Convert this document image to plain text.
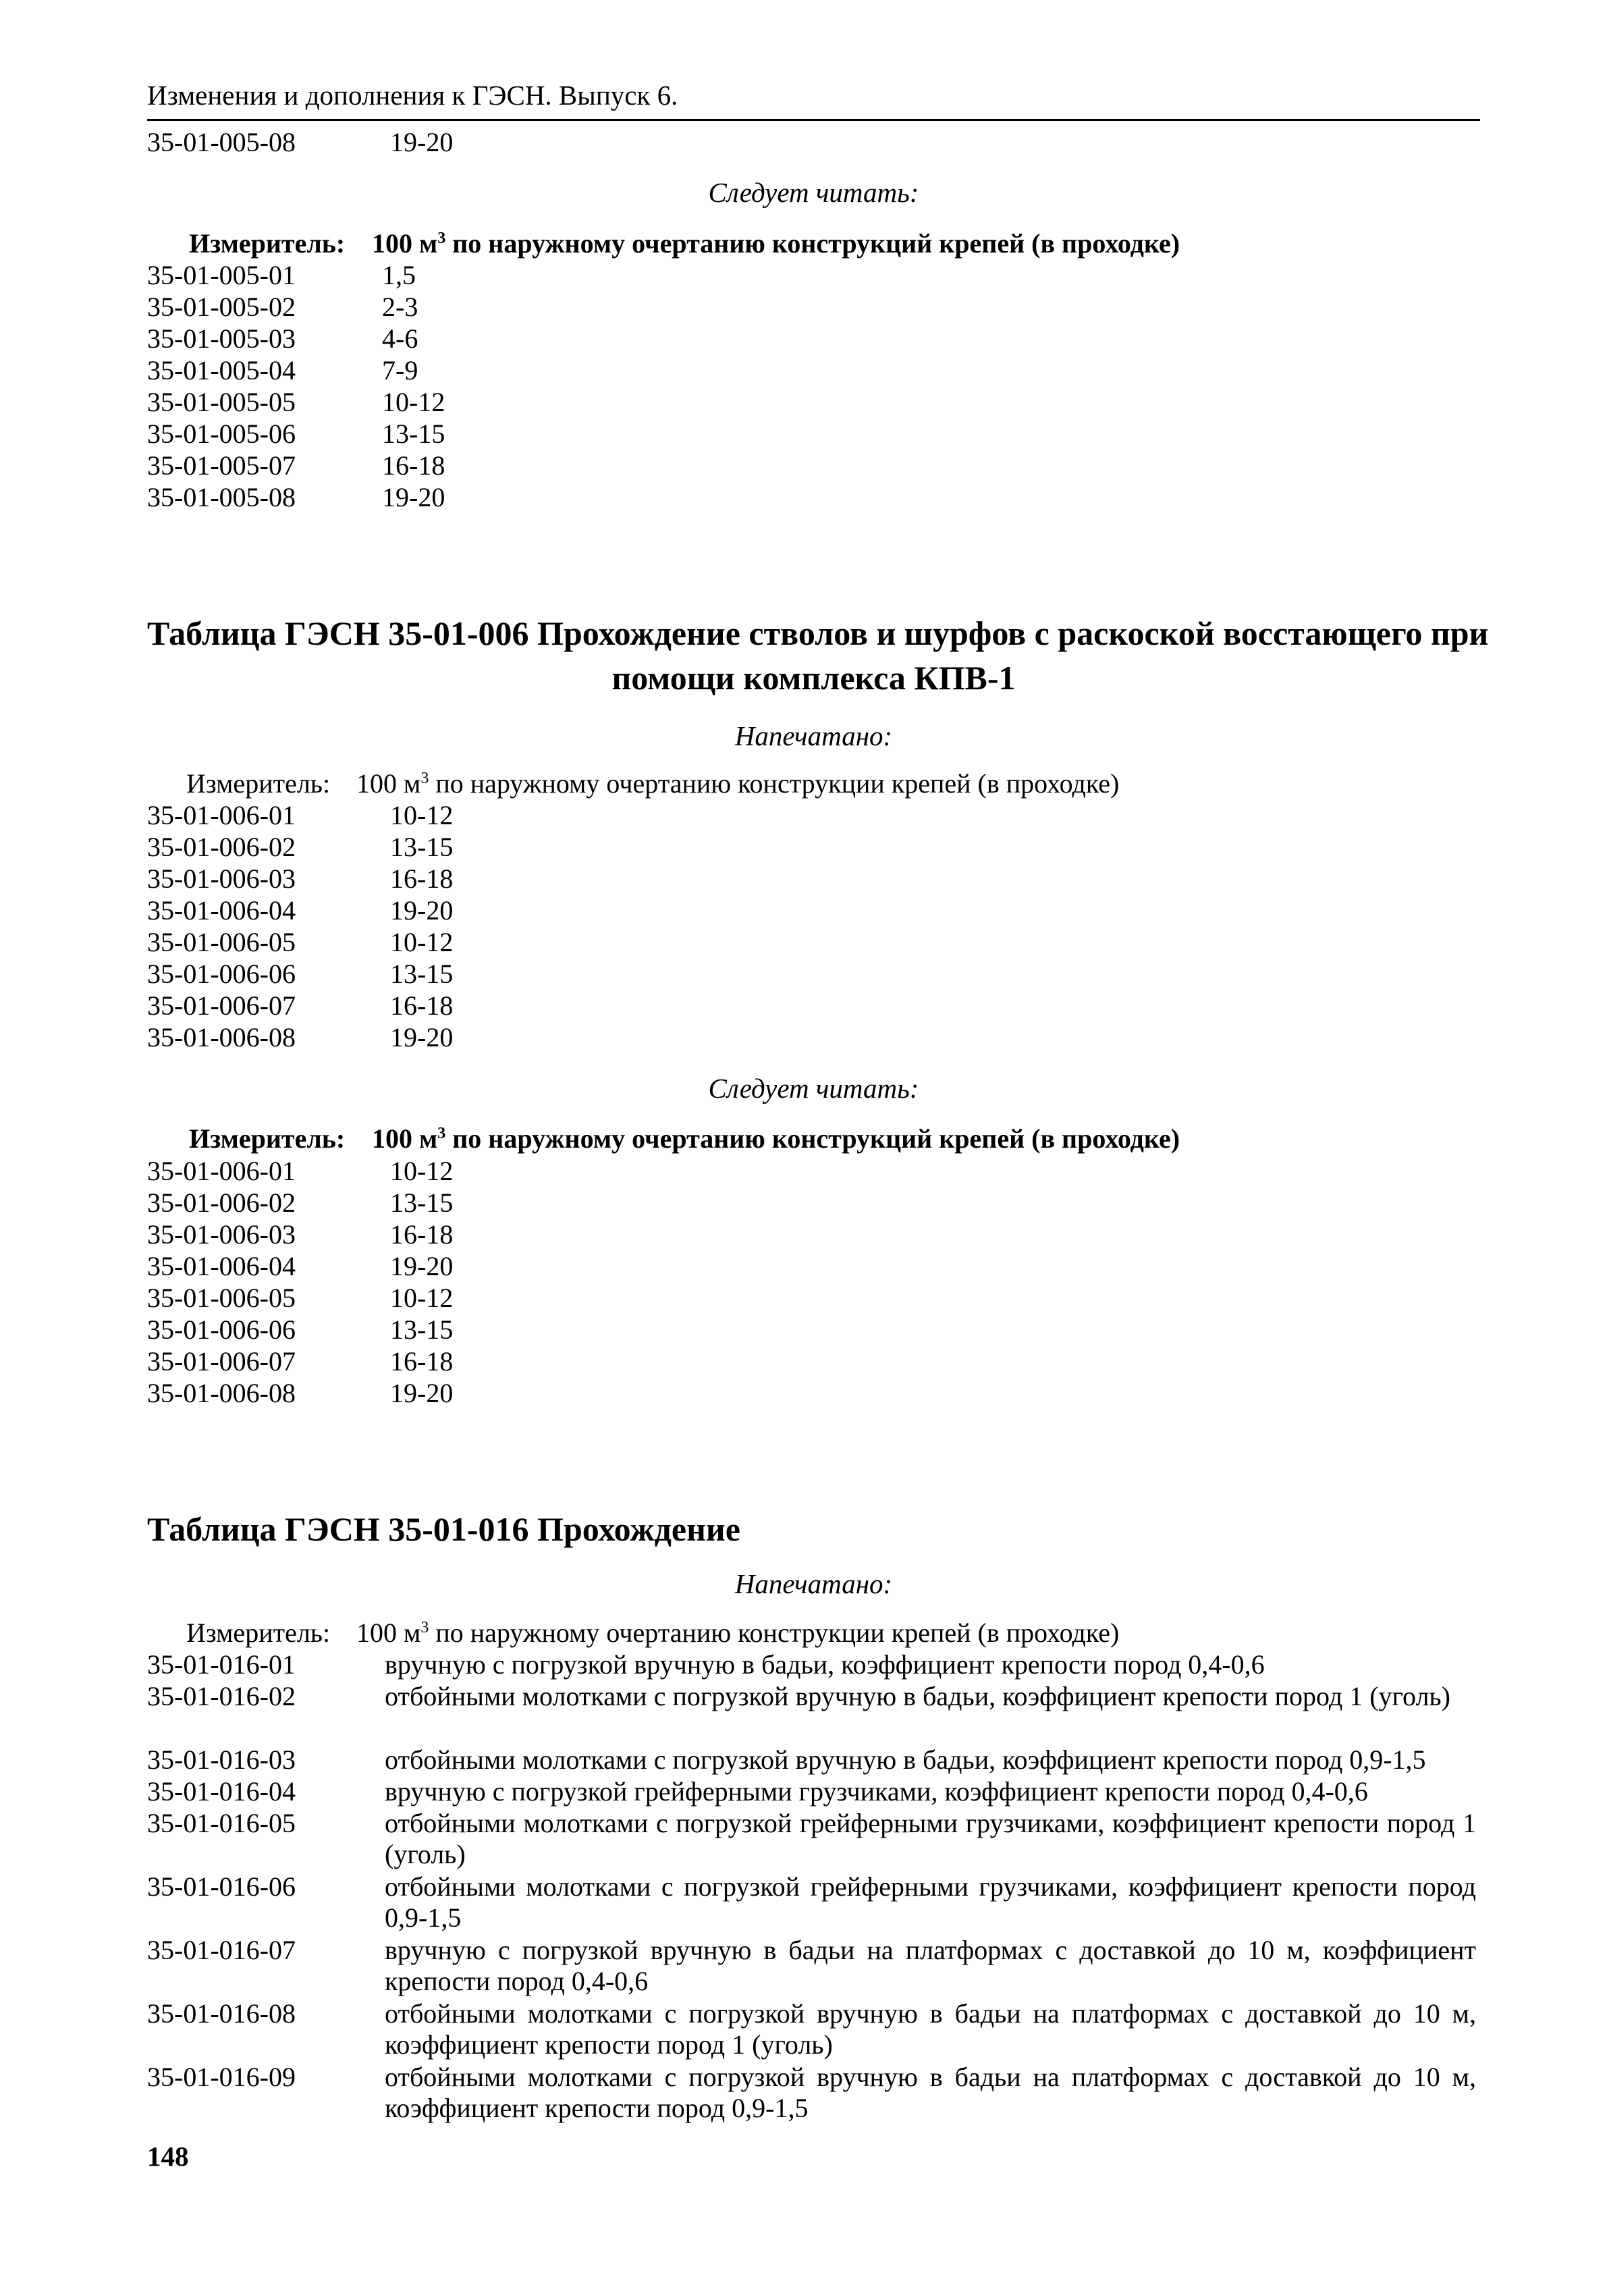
Изменения и дополнения к ГЭСН. Выпуск 6.
35-01-005-08	19-20
Следует читать:
Измеритель: 100 $м^3$ по наружному очертанию конструкций крепей (в проходке)
35-01-005-01	1,5
35-01-005-02	2-3
35-01-005-03	4-6
35-01-005-04	7-9
35-01-005-05	10-12
35-01-005-06	13-15
35-01-005-07	16-18
35-01-005-08	19-20
Таблица ГЭСН 35-01-006 Прохождение стволов и шурфов с раскоской восстающего при
помощи комплекса КПВ-1
Напечатано:
Измеритель: 100 $м^3$ по наружному очертанию конструкции крепей (в проходке)
35-01-006-01	10-12
35-01-006-02	13-15
35-01-006-03	16-18
35-01-006-04	19-20
35-01-006-05	10-12
35-01-006-06	13-15
35-01-006-07	16-18
35-01-006-08	19-20
Следует читать:
Измеритель: 100 $м^3$ по наружному очертанию конструкций крепей (в проходке)
35-01-006-01	10-12
35-01-006-02	13-15
35-01-006-03	16-18
35-01-006-04	19-20
35-01-006-05	10-12
35-01-006-06	13-15
35-01-006-07	16-18
35-01-006-08	19-20
Таблица ГЭСН 35-01-016 Прохождение
Напечатано:
Измеритель: 100 $м^3$ по наружному очертанию конструкции крепей (в проходке)
35-01-016-01	вручную с погрузкой вручную в бадьи, коэффициент крепости пород 0,4-0,6
35-01-016-02	отбойными молотками с погрузкой вручную в бадьи, коэффициент крепости пород 1 (уголь)
35-01-016-03	отбойными молотками с погрузкой вручную в бадьи, коэффициент крепости пород 0,9-1,5
35-01-016-04	вручную с погрузкой грейферными грузчиками, коэффициент крепости пород 0,4-0,6
35-01-016-05	отбойными молотками с погрузкой грейферными грузчиками, коэффициент крепости пород 1 (уголь)
35-01-016-06	отбойными молотками с погрузкой грейферными грузчиками, коэффициент крепости пород 0,9-1,5
35-01-016-07	вручную с погрузкой вручную в бадьи на платформах с доставкой до 10 м, коэффициент крепости пород 0,4-0,6
35-01-016-08	отбойными молотками с погрузкой вручную в бадьи на платформах с доставкой до 10 м, коэффициент крепости пород 1 (уголь)
35-01-016-09	отбойными молотками с погрузкой вручную в бадьи на платформах с доставкой до 10 м, коэффициент крепости пород 0,9-1,5
148
